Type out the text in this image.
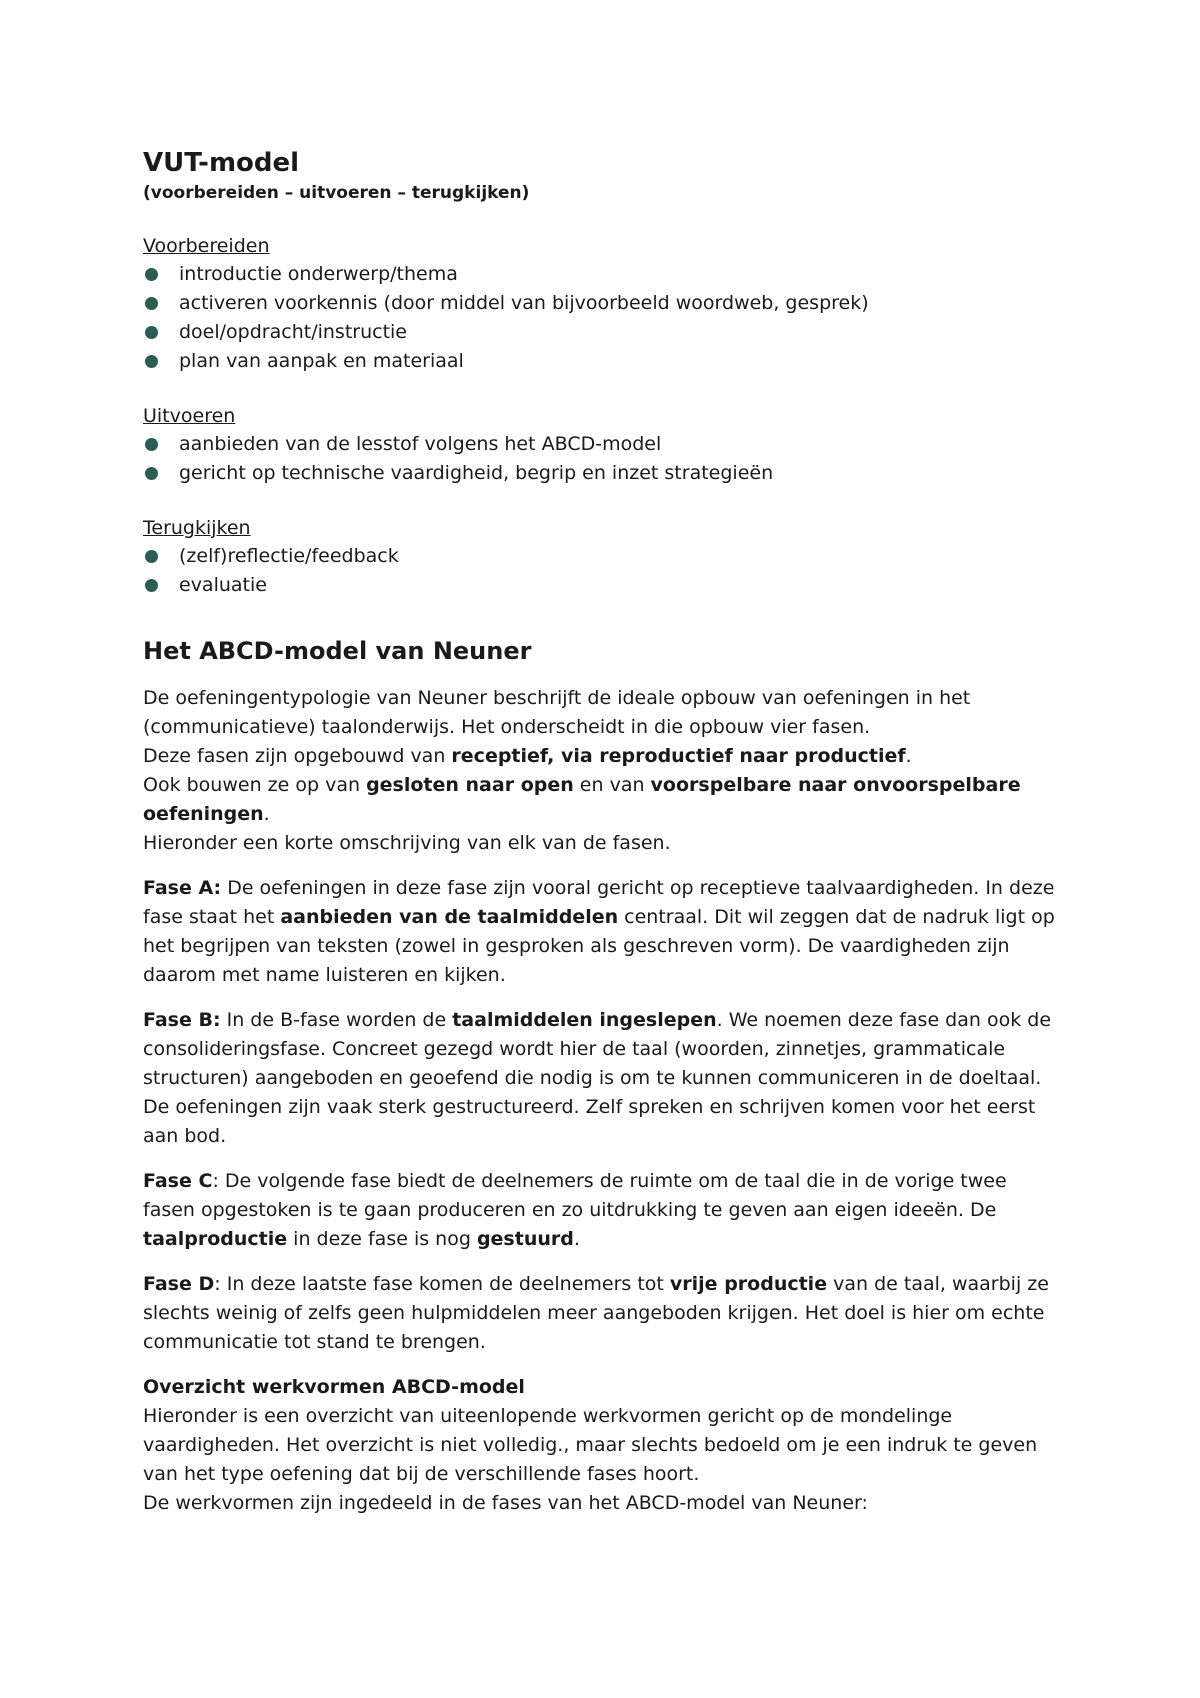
VUT-model
(voorbereiden – uitvoeren – terugkijken)
Voorbereiden
introductie onderwerp/thema
activeren voorkennis (door middel van bijvoorbeeld woordweb, gesprek)
doel/opdracht/instructie
plan van aanpak en materiaal
Uitvoeren
aanbieden van de lesstof volgens het ABCD-model
gericht op technische vaardigheid, begrip en inzet strategieën
Terugkijken
(zelf)reflectie/feedback
evaluatie
Het ABCD-model van Neuner

De oefeningentypologie van Neuner beschrijft de ideale opbouw van oefeningen in het (communicatieve) taalonderwijs. Het onderscheidt in die opbouw vier fasen.
Deze fasen zijn opgebouwd van receptief, via reproductief naar productief.
Ook bouwen ze op van gesloten naar open en van voorspelbare naar onvoorspelbare oefeningen.
Hieronder een korte omschrijving van elk van de fasen.

Fase A: De oefeningen in deze fase zijn vooral gericht op receptieve taalvaardigheden. In deze fase staat het aanbieden van de taalmiddelen centraal. Dit wil zeggen dat de nadruk ligt op het begrijpen van teksten (zowel in gesproken als geschreven vorm). De vaardigheden zijn daarom met name luisteren en kijken.

Fase B: In de B-fase worden de taalmiddelen ingeslepen. We noemen deze fase dan ook de consolideringsfase. Concreet gezegd wordt hier de taal (woorden, zinnetjes, grammaticale structuren) aangeboden en geoefend die nodig is om te kunnen communiceren in de doeltaal. De oefeningen zijn vaak sterk gestructureerd. Zelf spreken en schrijven komen voor het eerst aan bod.

Fase C: De volgende fase biedt de deelnemers de ruimte om de taal die in de vorige twee fasen opgestoken is te gaan produceren en zo uitdrukking te geven aan eigen ideeën. De taalproductie in deze fase is nog gestuurd.

Fase D: In deze laatste fase komen de deelnemers tot vrije productie van de taal, waarbij ze slechts weinig of zelfs geen hulpmiddelen meer aangeboden krijgen. Het doel is hier om echte communicatie tot stand te brengen.

Overzicht werkvormen ABCD-model
Hieronder is een overzicht van uiteenlopende werkvormen gericht op de mondelinge vaardigheden. Het overzicht is niet volledig., maar slechts bedoeld om je een indruk te geven van het type oefening dat bij de verschillende fases hoort.
De werkvormen zijn ingedeeld in de fases van het ABCD-model van Neuner:
